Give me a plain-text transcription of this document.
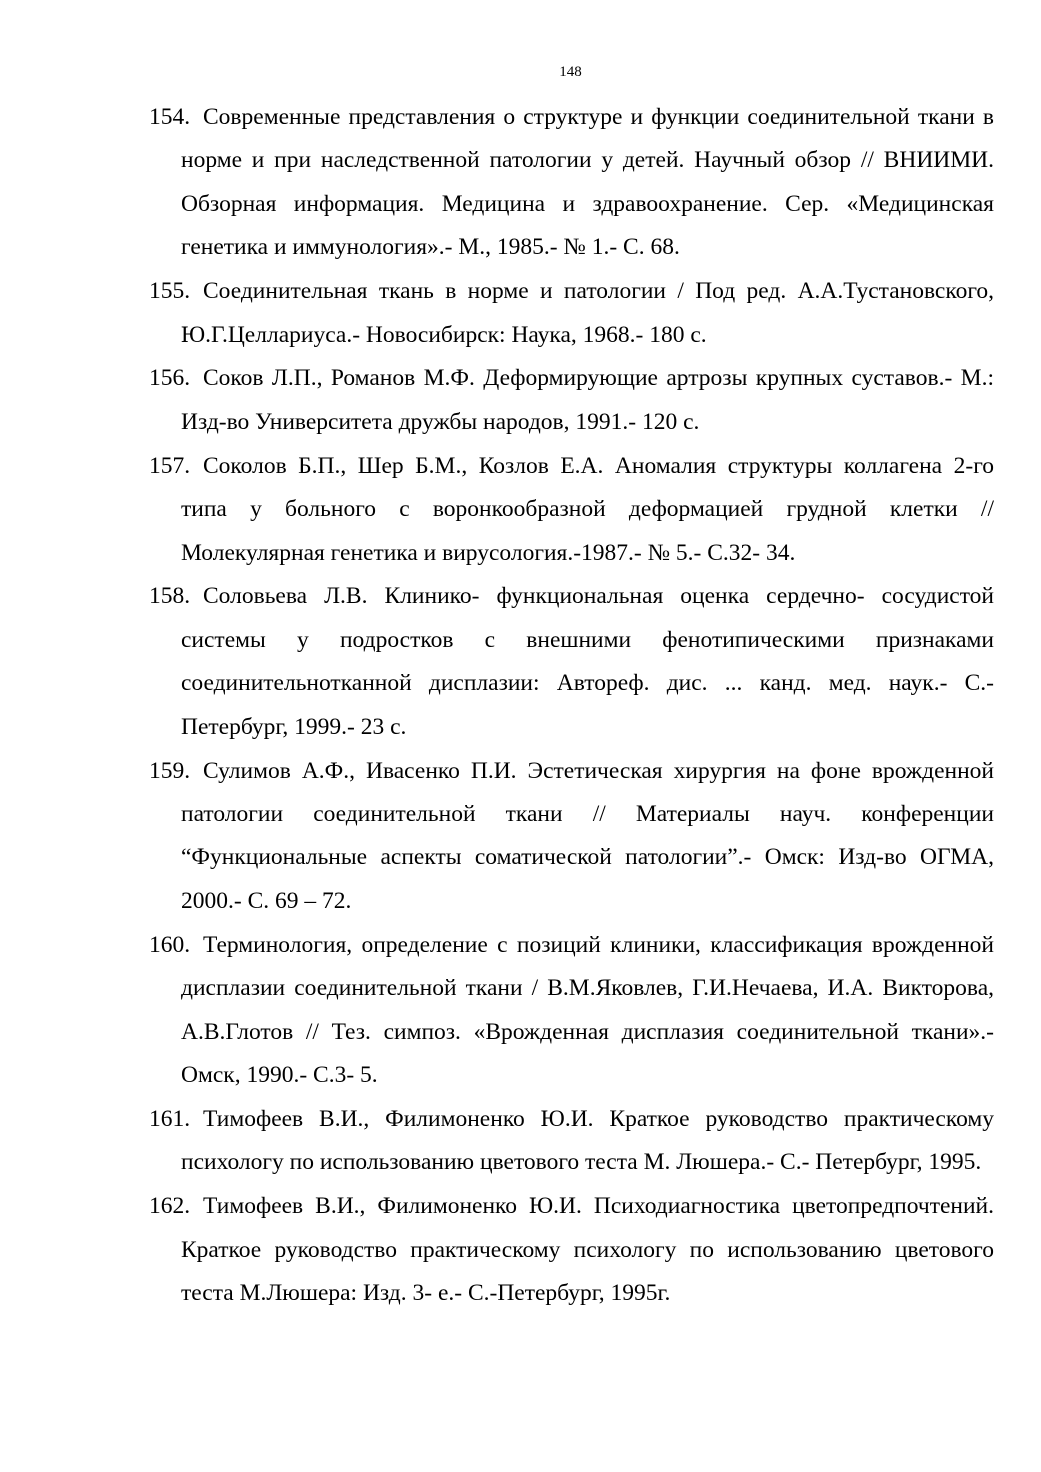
148
154. Современные представления о структуре и функции соединительной ткани в норме и при наследственной патологии у детей. Научный обзор // ВНИИМИ. Обзорная информация. Медицина и здравоохранение. Сер. «Медицинская генетика и иммунология».- М., 1985.- № 1.- С. 68.
155. Соединительная ткань в норме и патологии / Под ред. А.А.Тустановского, Ю.Г.Целлариуса.- Новосибирск: Наука, 1968.- 180 с.
156. Соков Л.П., Романов М.Ф. Деформирующие артрозы крупных суставов.- М.: Изд-во Университета дружбы народов, 1991.- 120 с.
157. Соколов Б.П., Шер Б.М., Козлов Е.А. Аномалия структуры коллагена 2-го типа у больного с воронкообразной деформацией грудной клетки // Молекулярная генетика и вирусология.-1987.- № 5.- С.32- 34.
158. Соловьева Л.В. Клинико- функциональная оценка сердечно- сосудистой системы у подростков с внешними фенотипическими признаками соединительнотканной дисплазии: Автореф. дис. ... канд. мед. наук.- С.- Петербург, 1999.- 23 с.
159. Сулимов А.Ф., Ивасенко П.И. Эстетическая хирургия на фоне врожденной патологии соединительной ткани // Материалы науч. конференции “Функциональные аспекты соматической патологии”.- Омск: Изд-во ОГМА, 2000.- С. 69 – 72.
160. Терминология, определение с позиций клиники, классификация врожденной дисплазии соединительной ткани / В.М.Яковлев, Г.И.Нечаева, И.А. Викторова, А.В.Глотов // Тез. симпоз. «Врожденная дисплазия соединительной ткани».- Омск, 1990.- С.3- 5.
161. Тимофеев В.И., Филимоненко Ю.И. Краткое руководство практическому психологу по использованию цветового теста М. Люшера.- С.- Петербург, 1995.
162. Тимофеев В.И., Филимоненко Ю.И. Психодиагностика цветопредпочтений. Краткое руководство практическому психологу по использованию цветового теста М.Люшера: Изд. 3- е.- С.-Петербург, 1995г.
